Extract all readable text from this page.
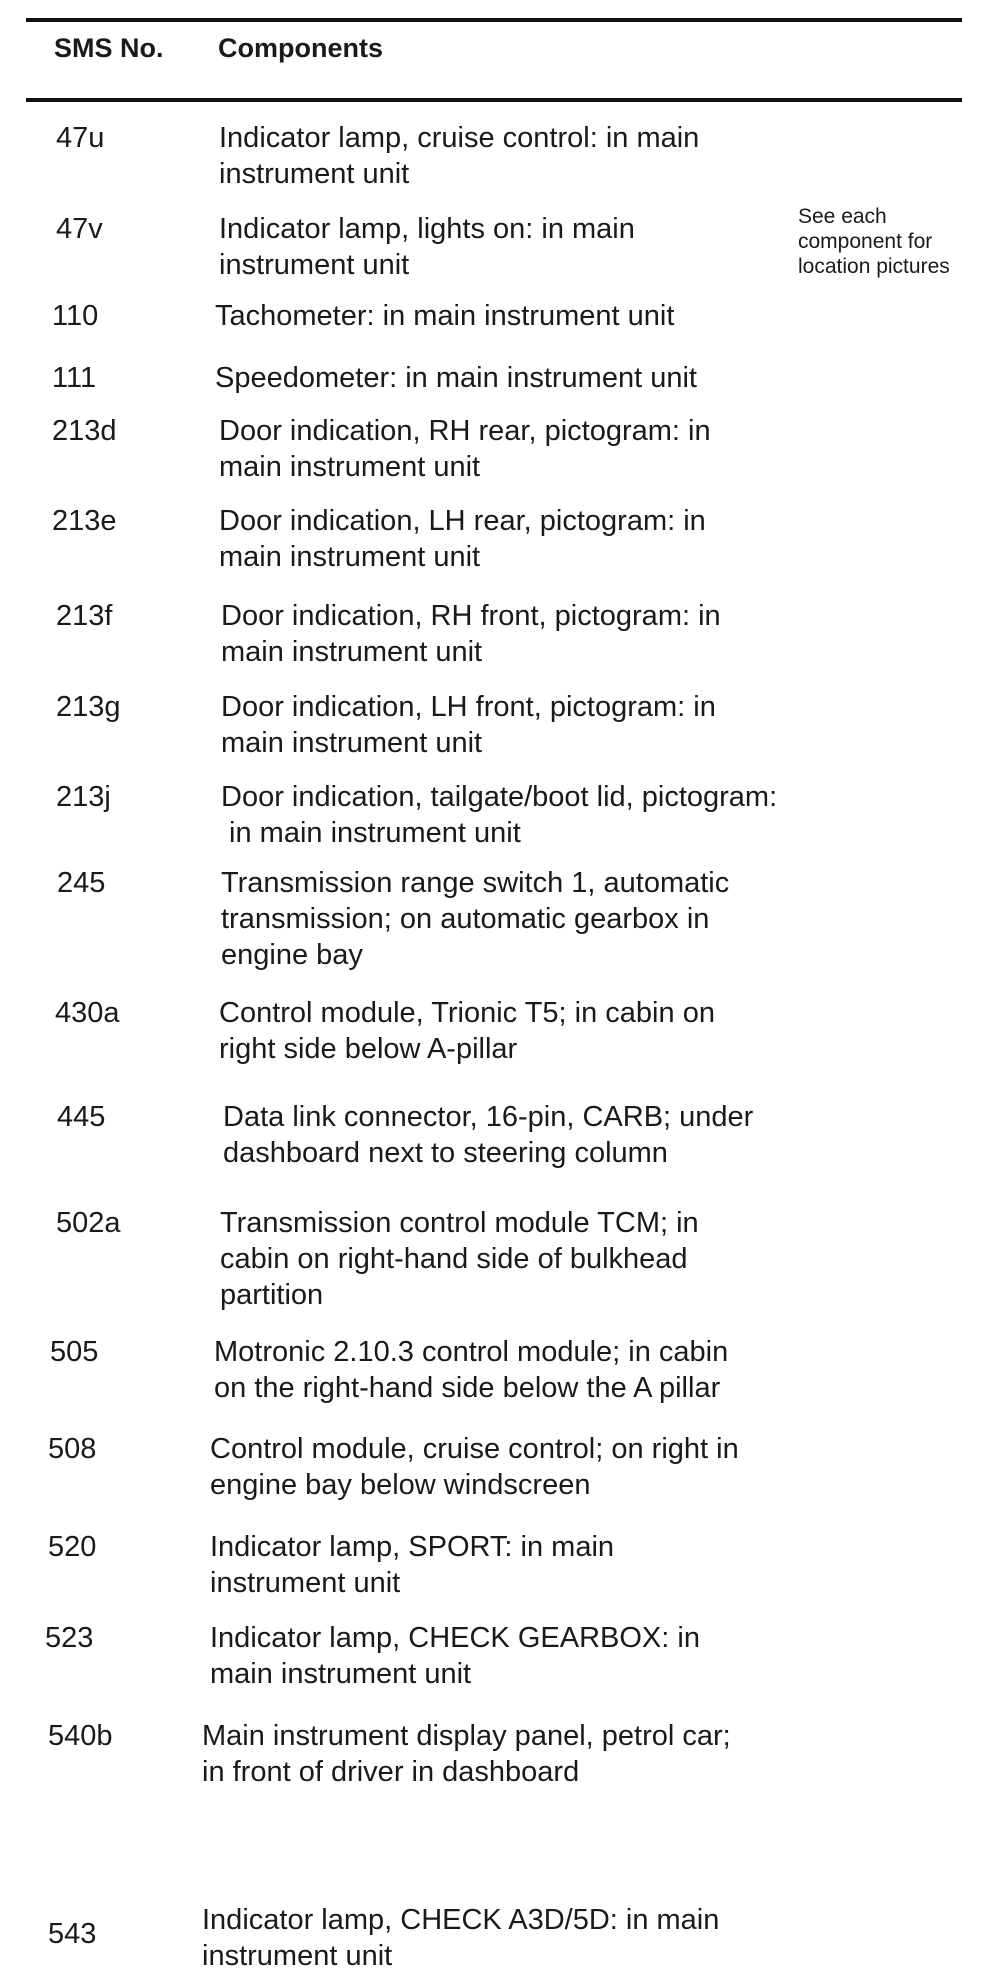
SMS No. Components
See each
component for
location pictures
47u	Indicator lamp, cruise control: in main
instrument unit
47v	Indicator lamp, lights on: in main
instrument unit
110	Tachometer: in main instrument unit
111	Speedometer: in main instrument unit
213d	Door indication, RH rear, pictogram: in
main instrument unit
213e	Door indication, LH rear, pictogram: in
main instrument unit
213f	Door indication, RH front, pictogram: in
main instrument unit
213g	Door indication, LH front, pictogram: in
main instrument unit
213j	Door indication, tailgate/boot lid, pictogram:
in main instrument unit
245	Transmission range switch 1, automatic
transmission; on automatic gearbox in
engine bay
430a	Control module, Trionic T5; in cabin on
right side below A-pillar
445	Data link connector, 16-pin, CARB; under
dashboard next to steering column
502a	Transmission control module TCM; in
cabin on right-hand side of bulkhead
partition
505	Motronic 2.10.3 control module; in cabin
on the right-hand side below the A pillar
508	Control module, cruise control; on right in
engine bay below windscreen
520	Indicator lamp, SPORT: in main
instrument unit
523	Indicator lamp, CHECK GEARBOX: in
main instrument unit
540b	Main instrument display panel, petrol car;
in front of driver in dashboard
543	Indicator lamp, CHECK A3D/5D: in main
instrument unit
